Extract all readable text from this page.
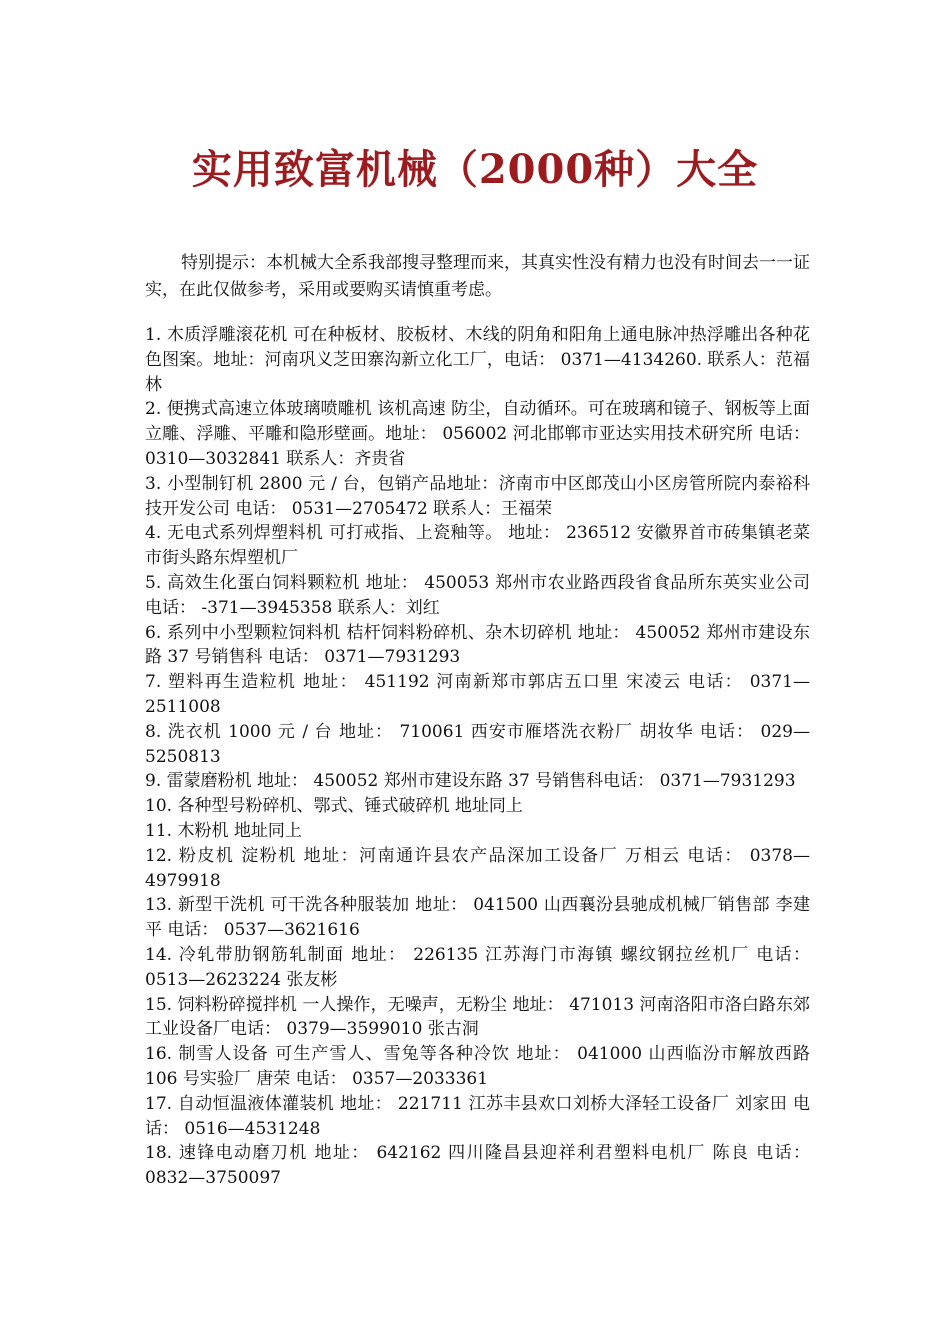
实用致富机械（2000种）大全

特别提示：本机械大全系我部搜寻整理而来，其真实性没有精力也没有时间去一一证实，在此仅做参考，采用或要购买请慎重考虑。

1. 木质浮雕滚花机 可在种板材、胶板材、木线的阴角和阳角上通电脉冲热浮雕出各种花色图案。地址：河南巩义芝田寨沟新立化工厂，电话： 0371—4134260. 联系人：范福林
2. 便携式高速立体玻璃喷雕机 该机高速 防尘，自动循环。可在玻璃和镜子、钢板等上面立雕、浮雕、平雕和隐形壁画。地址： 056002 河北邯郸市亚达实用技术研究所 电话： 0310—3032841 联系人：齐贵省
3. 小型制钉机 2800 元 / 台，包销产品地址：济南市中区郎茂山小区房管所院内泰裕科技开发公司 电话： 0531—2705472 联系人：王福荣
4. 无电式系列焊塑料机 可打戒指、上瓷釉等。 地址： 236512 安徽界首市砖集镇老菜市街头路东焊塑机厂
5. 高效生化蛋白饲料颗粒机 地址： 450053 郑州市农业路西段省食品所东英实业公司 电话： -371—3945358 联系人：刘红
6. 系列中小型颗粒饲料机 桔杆饲料粉碎机、杂木切碎机 地址： 450052 郑州市建设东路 37 号销售科 电话： 0371—7931293
7. 塑料再生造粒机 地址： 451192 河南新郑市郭店五口里 宋凌云 电话： 0371—2511008
8. 洗衣机 1000 元 / 台 地址： 710061 西安市雁塔洗衣粉厂 胡妆华 电话： 029—5250813
9. 雷蒙磨粉机 地址： 450052 郑州市建设东路 37 号销售科电话： 0371—7931293
10. 各种型号粉碎机、鄂式、锤式破碎机 地址同上
11. 木粉机 地址同上
12. 粉皮机 淀粉机 地址：河南通许县农产品深加工设备厂 万相云 电话： 0378—4979918
13. 新型干洗机 可干洗各种服装加 地址： 041500 山西襄汾县驰成机械厂销售部 李建平 电话： 0537—3621616
14. 冷轧带肋钢筋轧制面 地址： 226135 江苏海门市海镇 螺纹钢拉丝机厂 电话： 0513—2623224 张友彬
15. 饲料粉碎搅拌机 一人操作，无噪声，无粉尘 地址： 471013 河南洛阳市洛白路东郊工业设备厂电话： 0379—3599010 张古洞
16. 制雪人设备 可生产雪人、雪兔等各种冷饮 地址： 041000 山西临汾市解放西路 106 号实验厂 唐荣 电话： 0357—2033361
17. 自动恒温液体灌装机 地址： 221711 江苏丰县欢口刘桥大泽轻工设备厂 刘家田 电话： 0516—4531248
18. 速锋电动磨刀机 地址： 642162 四川隆昌县迎祥利君塑料电机厂 陈良 电话： 0832—3750097
